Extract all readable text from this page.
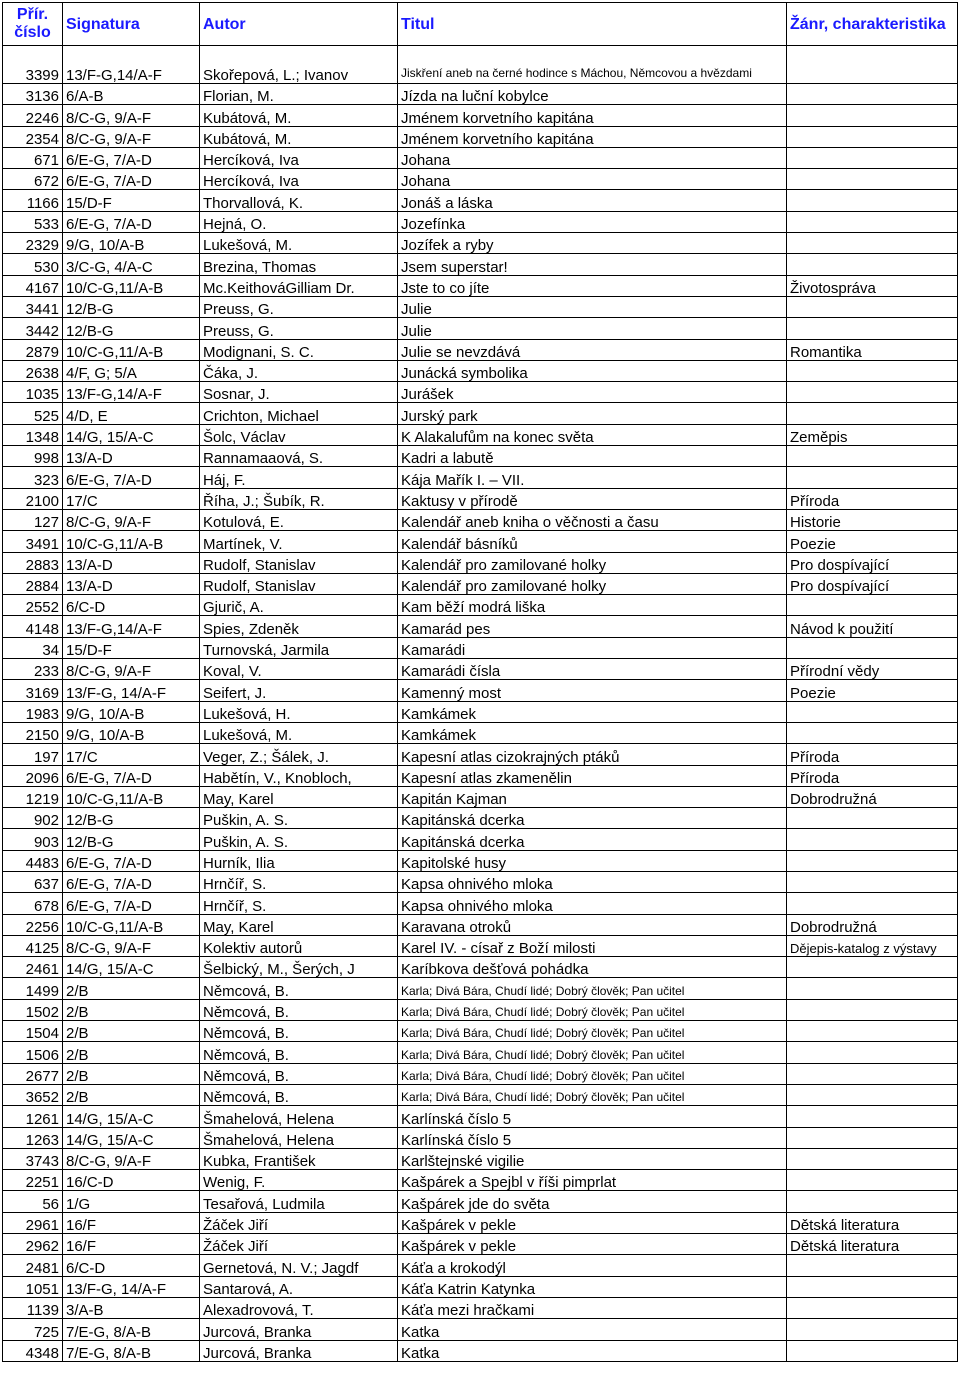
Přír.
číslo	Signatura	Autor	Titul	Žánr, charakteristika
3399	13/F-G,14/A-F	Skořepová, L.; Ivanov	Jiskření aneb na černé hodince s Máchou, Němcovou a hvězdami	
3136	6/A-B	Florian, M.	Jízda na luční kobylce	
2246	8/C-G, 9/A-F	Kubátová, M.	Jménem korvetního kapitána	
2354	8/C-G, 9/A-F	Kubátová, M.	Jménem korvetního kapitána	
671	6/E-G, 7/A-D	Hercíková, Iva	Johana	
672	6/E-G, 7/A-D	Hercíková, Iva	Johana	
1166	15/D-F	Thorvallová, K.	Jonáš a láska	
533	6/E-G, 7/A-D	Hejná, O.	Jozefínka	
2329	9/G, 10/A-B	Lukešová, M.	Jozífek a ryby	
530	3/C-G, 4/A-C	Brezina, Thomas	Jsem superstar!	
4167	10/C-G,11/A-B	Mc.KeithováGilliam Dr.	Jste to co jíte	Životospráva
3441	12/B-G	Preuss, G.	Julie	
3442	12/B-G	Preuss, G.	Julie	
2879	10/C-G,11/A-B	Modignani, S. C.	Julie se nevzdává	Romantika
2638	4/F, G; 5/A	Čáka, J.	Junácká symbolika	
1035	13/F-G,14/A-F	Sosnar, J.	Jurášek	
525	4/D, E	Crichton, Michael	Jurský park	
1348	14/G, 15/A-C	Šolc, Václav	K Alakalufům na konec světa	Zeměpis
998	13/A-D	Rannamaaová, S.	Kadri a labutě	
323	6/E-G, 7/A-D	Háj, F.	Kája Mařík I. – VII.	
2100	17/C	Říha, J.; Šubík, R.	Kaktusy v přírodě	Příroda
127	8/C-G, 9/A-F	Kotulová, E.	Kalendář aneb kniha o věčnosti a času	Historie
3491	10/C-G,11/A-B	Martínek, V.	Kalendář básníků	Poezie
2883	13/A-D	Rudolf, Stanislav	Kalendář pro zamilované holky	Pro dospívající
2884	13/A-D	Rudolf, Stanislav	Kalendář pro zamilované holky	Pro dospívající
2552	6/C-D	Gjurič, A.	Kam běží modrá liška	
4148	13/F-G,14/A-F	Spies, Zdeněk	Kamarád pes	Návod k použití
34	15/D-F	Turnovská, Jarmila	Kamarádi	
233	8/C-G, 9/A-F	Koval, V.	Kamarádi čísla	Přírodní vědy
3169	13/F-G, 14/A-F	Seifert, J.	Kamenný most	Poezie
1983	9/G, 10/A-B	Lukešová, H.	Kamkámek	
2150	9/G, 10/A-B	Lukešová, M.	Kamkámek	
197	17/C	Veger, Z.; Šálek, J.	Kapesní atlas cizokrajných ptáků	Příroda
2096	6/E-G, 7/A-D	Habětín, V., Knobloch,	Kapesní atlas zkamenělin	Příroda
1219	10/C-G,11/A-B	May, Karel	Kapitán Kajman	Dobrodružná
902	12/B-G	Puškin, A. S.	Kapitánská dcerka	
903	12/B-G	Puškin, A. S.	Kapitánská dcerka	
4483	6/E-G, 7/A-D	Hurník, Ilia	Kapitolské husy	
637	6/E-G, 7/A-D	Hrnčíř, S.	Kapsa ohnivého mloka	
678	6/E-G, 7/A-D	Hrnčíř, S.	Kapsa ohnivého mloka	
2256	10/C-G,11/A-B	May, Karel	Karavana otroků	Dobrodružná
4125	8/C-G, 9/A-F	Kolektiv autorů	Karel IV. - císař z Boží milosti	Dějepis-katalog z výstavy
2461	14/G, 15/A-C	Šelbický, M., Šerých, J	Karíbkova dešťová pohádka	
1499	2/B	Němcová, B.	Karla; Divá Bára, Chudí lidé; Dobrý člověk; Pan učitel	
1502	2/B	Němcová, B.	Karla; Divá Bára, Chudí lidé; Dobrý člověk; Pan učitel	
1504	2/B	Němcová, B.	Karla; Divá Bára, Chudí lidé; Dobrý člověk; Pan učitel	
1506	2/B	Němcová, B.	Karla; Divá Bára, Chudí lidé; Dobrý člověk; Pan učitel	
2677	2/B	Němcová, B.	Karla; Divá Bára, Chudí lidé; Dobrý člověk; Pan učitel	
3652	2/B	Němcová, B.	Karla; Divá Bára, Chudí lidé; Dobrý člověk; Pan učitel	
1261	14/G, 15/A-C	Šmahelová, Helena	Karlínská číslo 5	
1263	14/G, 15/A-C	Šmahelová, Helena	Karlínská číslo 5	
3743	8/C-G, 9/A-F	Kubka, František	Karlštejnské vigilie	
2251	16/C-D	Wenig, F.	Kašpárek a Spejbl v říši pimprlat	
56	1/G	Tesařová, Ludmila	Kašpárek jde do světa	
2961	16/F	Žáček Jiří	Kašpárek v pekle	Dětská literatura
2962	16/F	Žáček Jiří	Kašpárek v pekle	Dětská literatura
2481	6/C-D	Gernetová, N. V.; Jagdf	Káťa a krokodýl	
1051	13/F-G, 14/A-F	Santarová, A.	Káťa Katrin Katynka	
1139	3/A-B	Alexadrovová, T.	Káťa mezi hračkami	
725	7/E-G, 8/A-B	Jurcová, Branka	Katka	
4348	7/E-G, 8/A-B	Jurcová, Branka	Katka	
